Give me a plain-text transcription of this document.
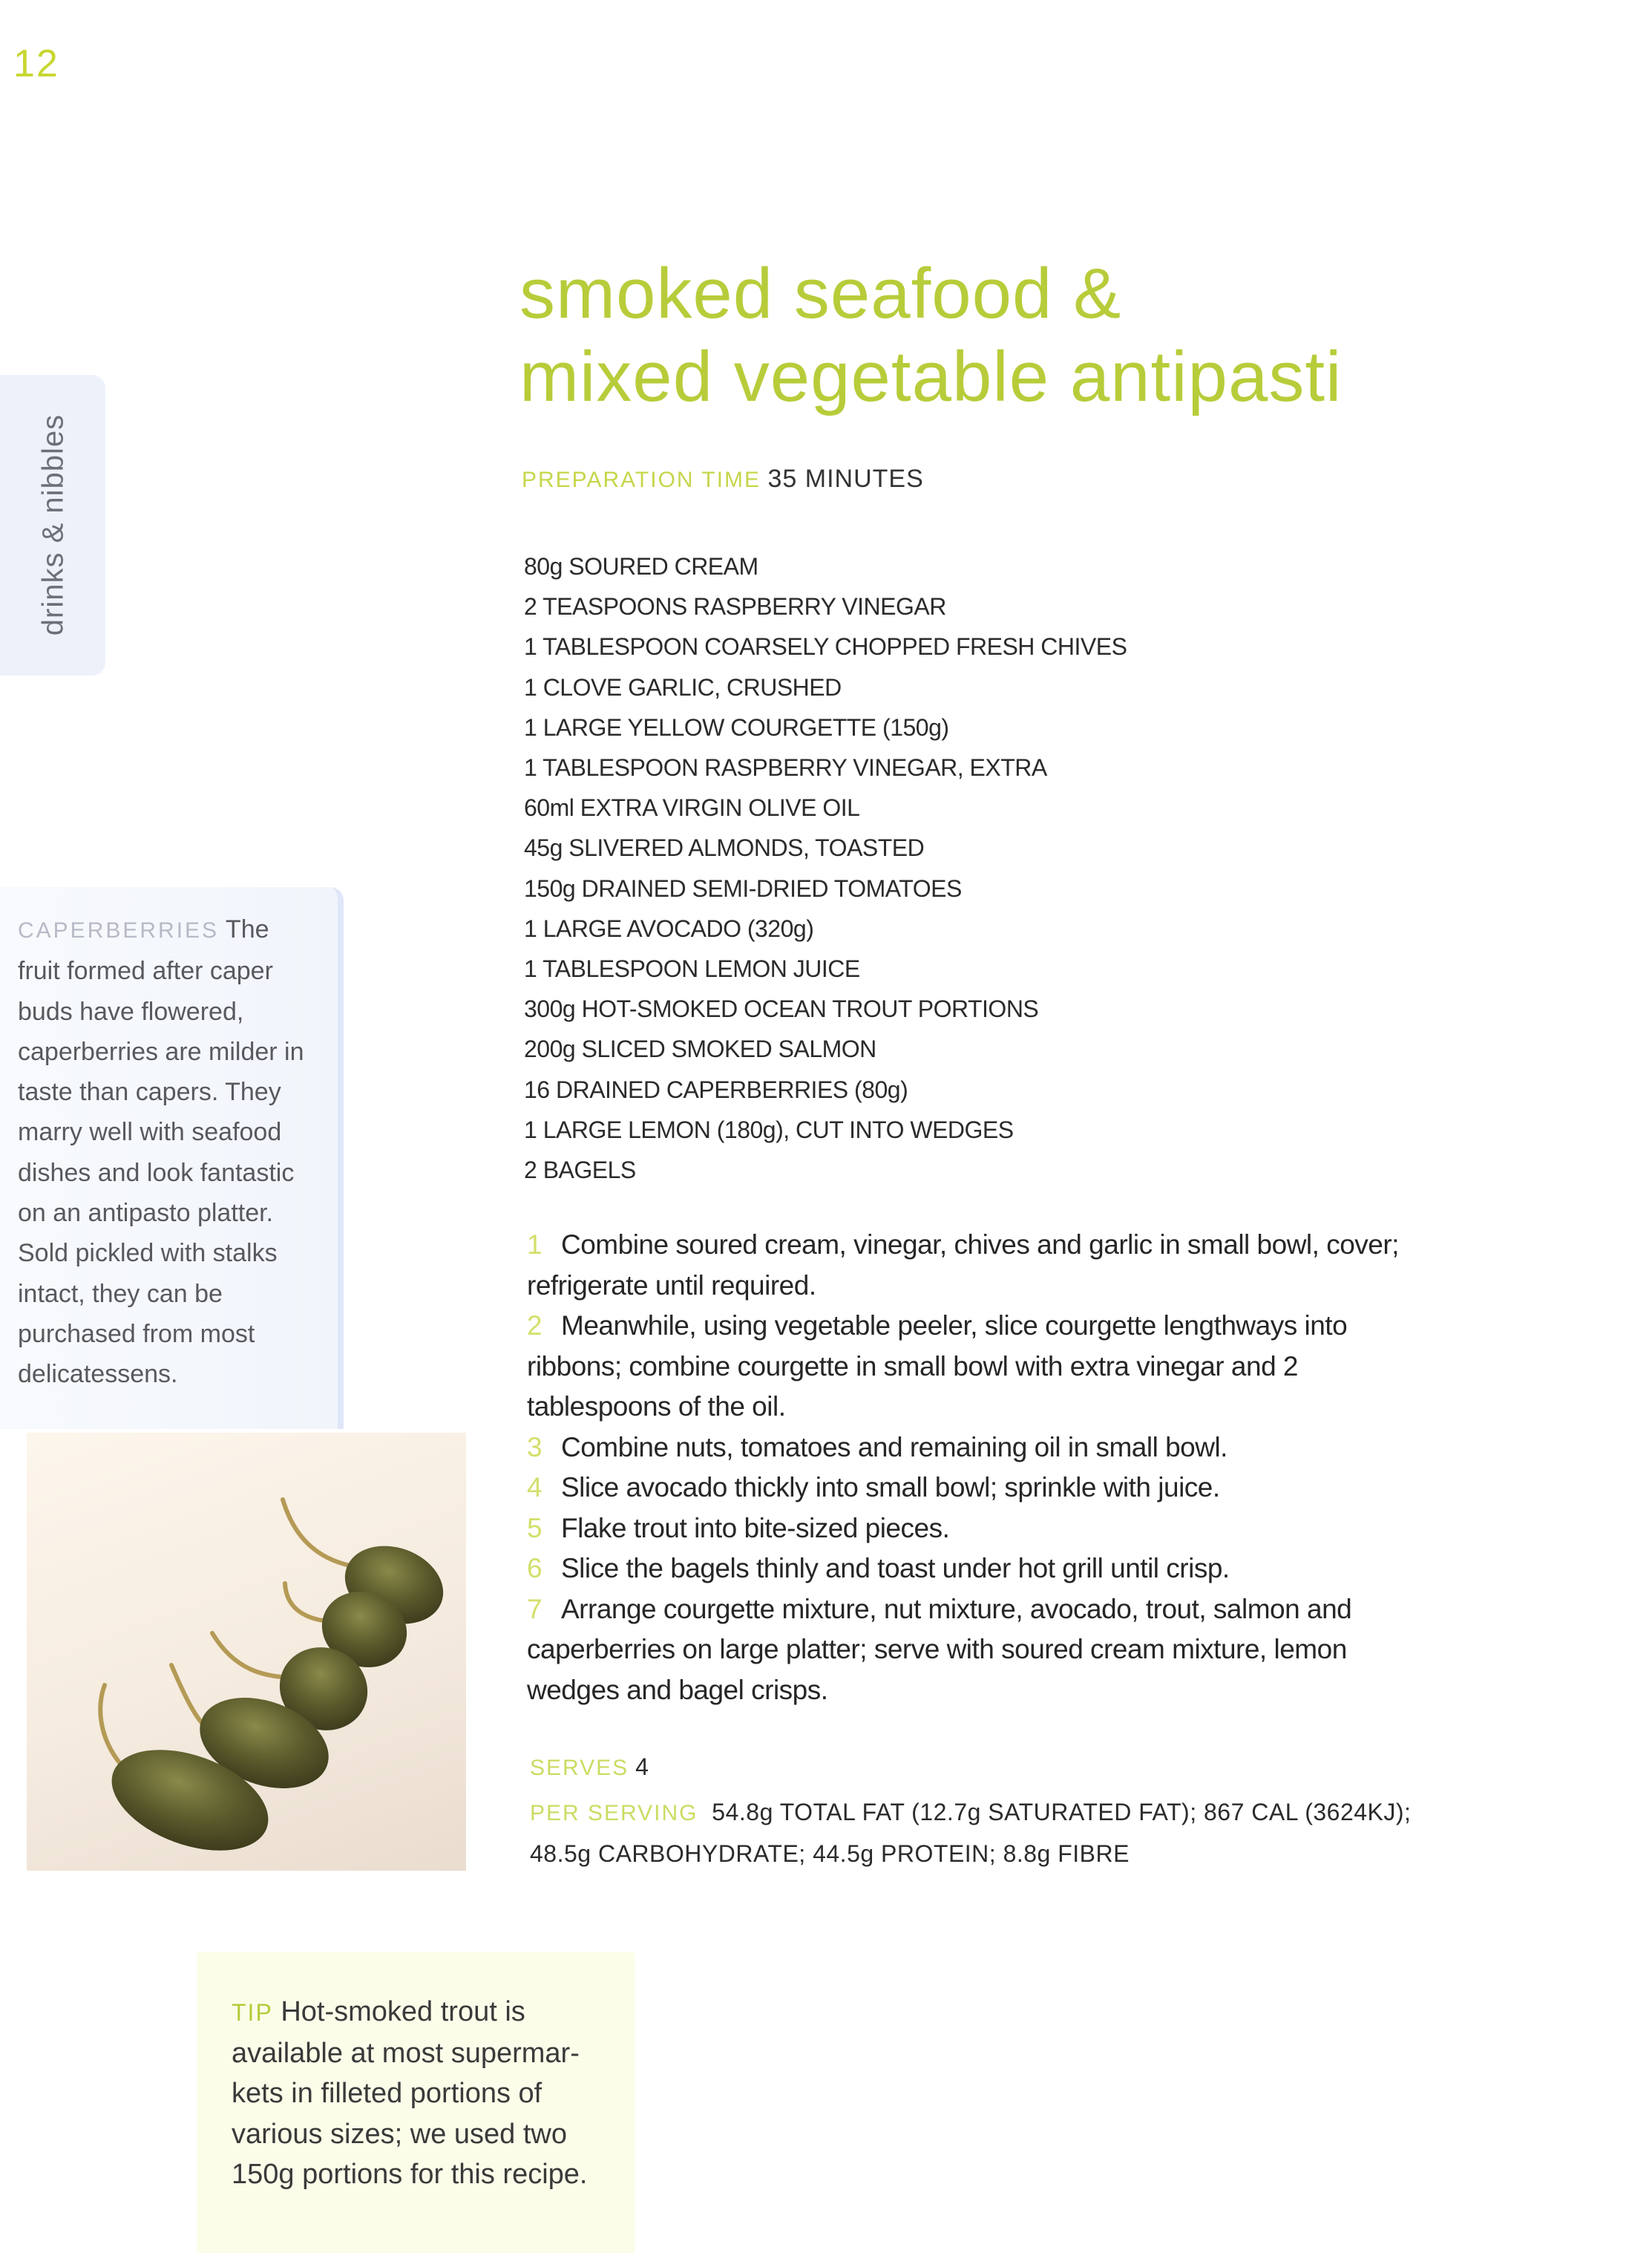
12
drinks & nibbles
smoked seafood &
mixed vegetable antipasti
PREPARATION TIME 35 MINUTES
80g SOURED CREAM
2 TEASPOONS RASPBERRY VINEGAR
1 TABLESPOON COARSELY CHOPPED FRESH CHIVES
1 CLOVE GARLIC, CRUSHED
1 LARGE YELLOW COURGETTE (150g)
1 TABLESPOON RASPBERRY VINEGAR, EXTRA
60ml EXTRA VIRGIN OLIVE OIL
45g SLIVERED ALMONDS, TOASTED
150g DRAINED SEMI-DRIED TOMATOES
1 LARGE AVOCADO (320g)
1 TABLESPOON LEMON JUICE
300g HOT-SMOKED OCEAN TROUT PORTIONS
200g SLICED SMOKED SALMON
16 DRAINED CAPERBERRIES (80g)
1 LARGE LEMON (180g), CUT INTO WEDGES
2 BAGELS
1 Combine soured cream, vinegar, chives and garlic in small bowl, cover; refrigerate until required.
2 Meanwhile, using vegetable peeler, slice courgette lengthways into ribbons; combine courgette in small bowl with extra vinegar and 2 tablespoons of the oil.
3 Combine nuts, tomatoes and remaining oil in small bowl.
4 Slice avocado thickly into small bowl; sprinkle with juice.
5 Flake trout into bite-sized pieces.
6 Slice the bagels thinly and toast under hot grill until crisp.
7 Arrange courgette mixture, nut mixture, avocado, trout, salmon and caperberries on large platter; serve with soured cream mixture, lemon wedges and bagel crisps.
SERVES 4
PER SERVING 54.8g TOTAL FAT (12.7g SATURATED FAT); 867 CAL (3624KJ); 48.5g CARBOHYDRATE; 44.5g PROTEIN; 8.8g FIBRE

CAPERBERRIES The fruit formed after caper buds have flowered, caperberries are milder in taste than capers. They marry well with seafood dishes and look fantastic on an antipasto platter. Sold pickled with stalks intact, they can be purchased from most delicatessens.

TIP Hot-smoked trout is available at most supermar-kets in filleted portions of various sizes; we used two 150g portions for this recipe.
